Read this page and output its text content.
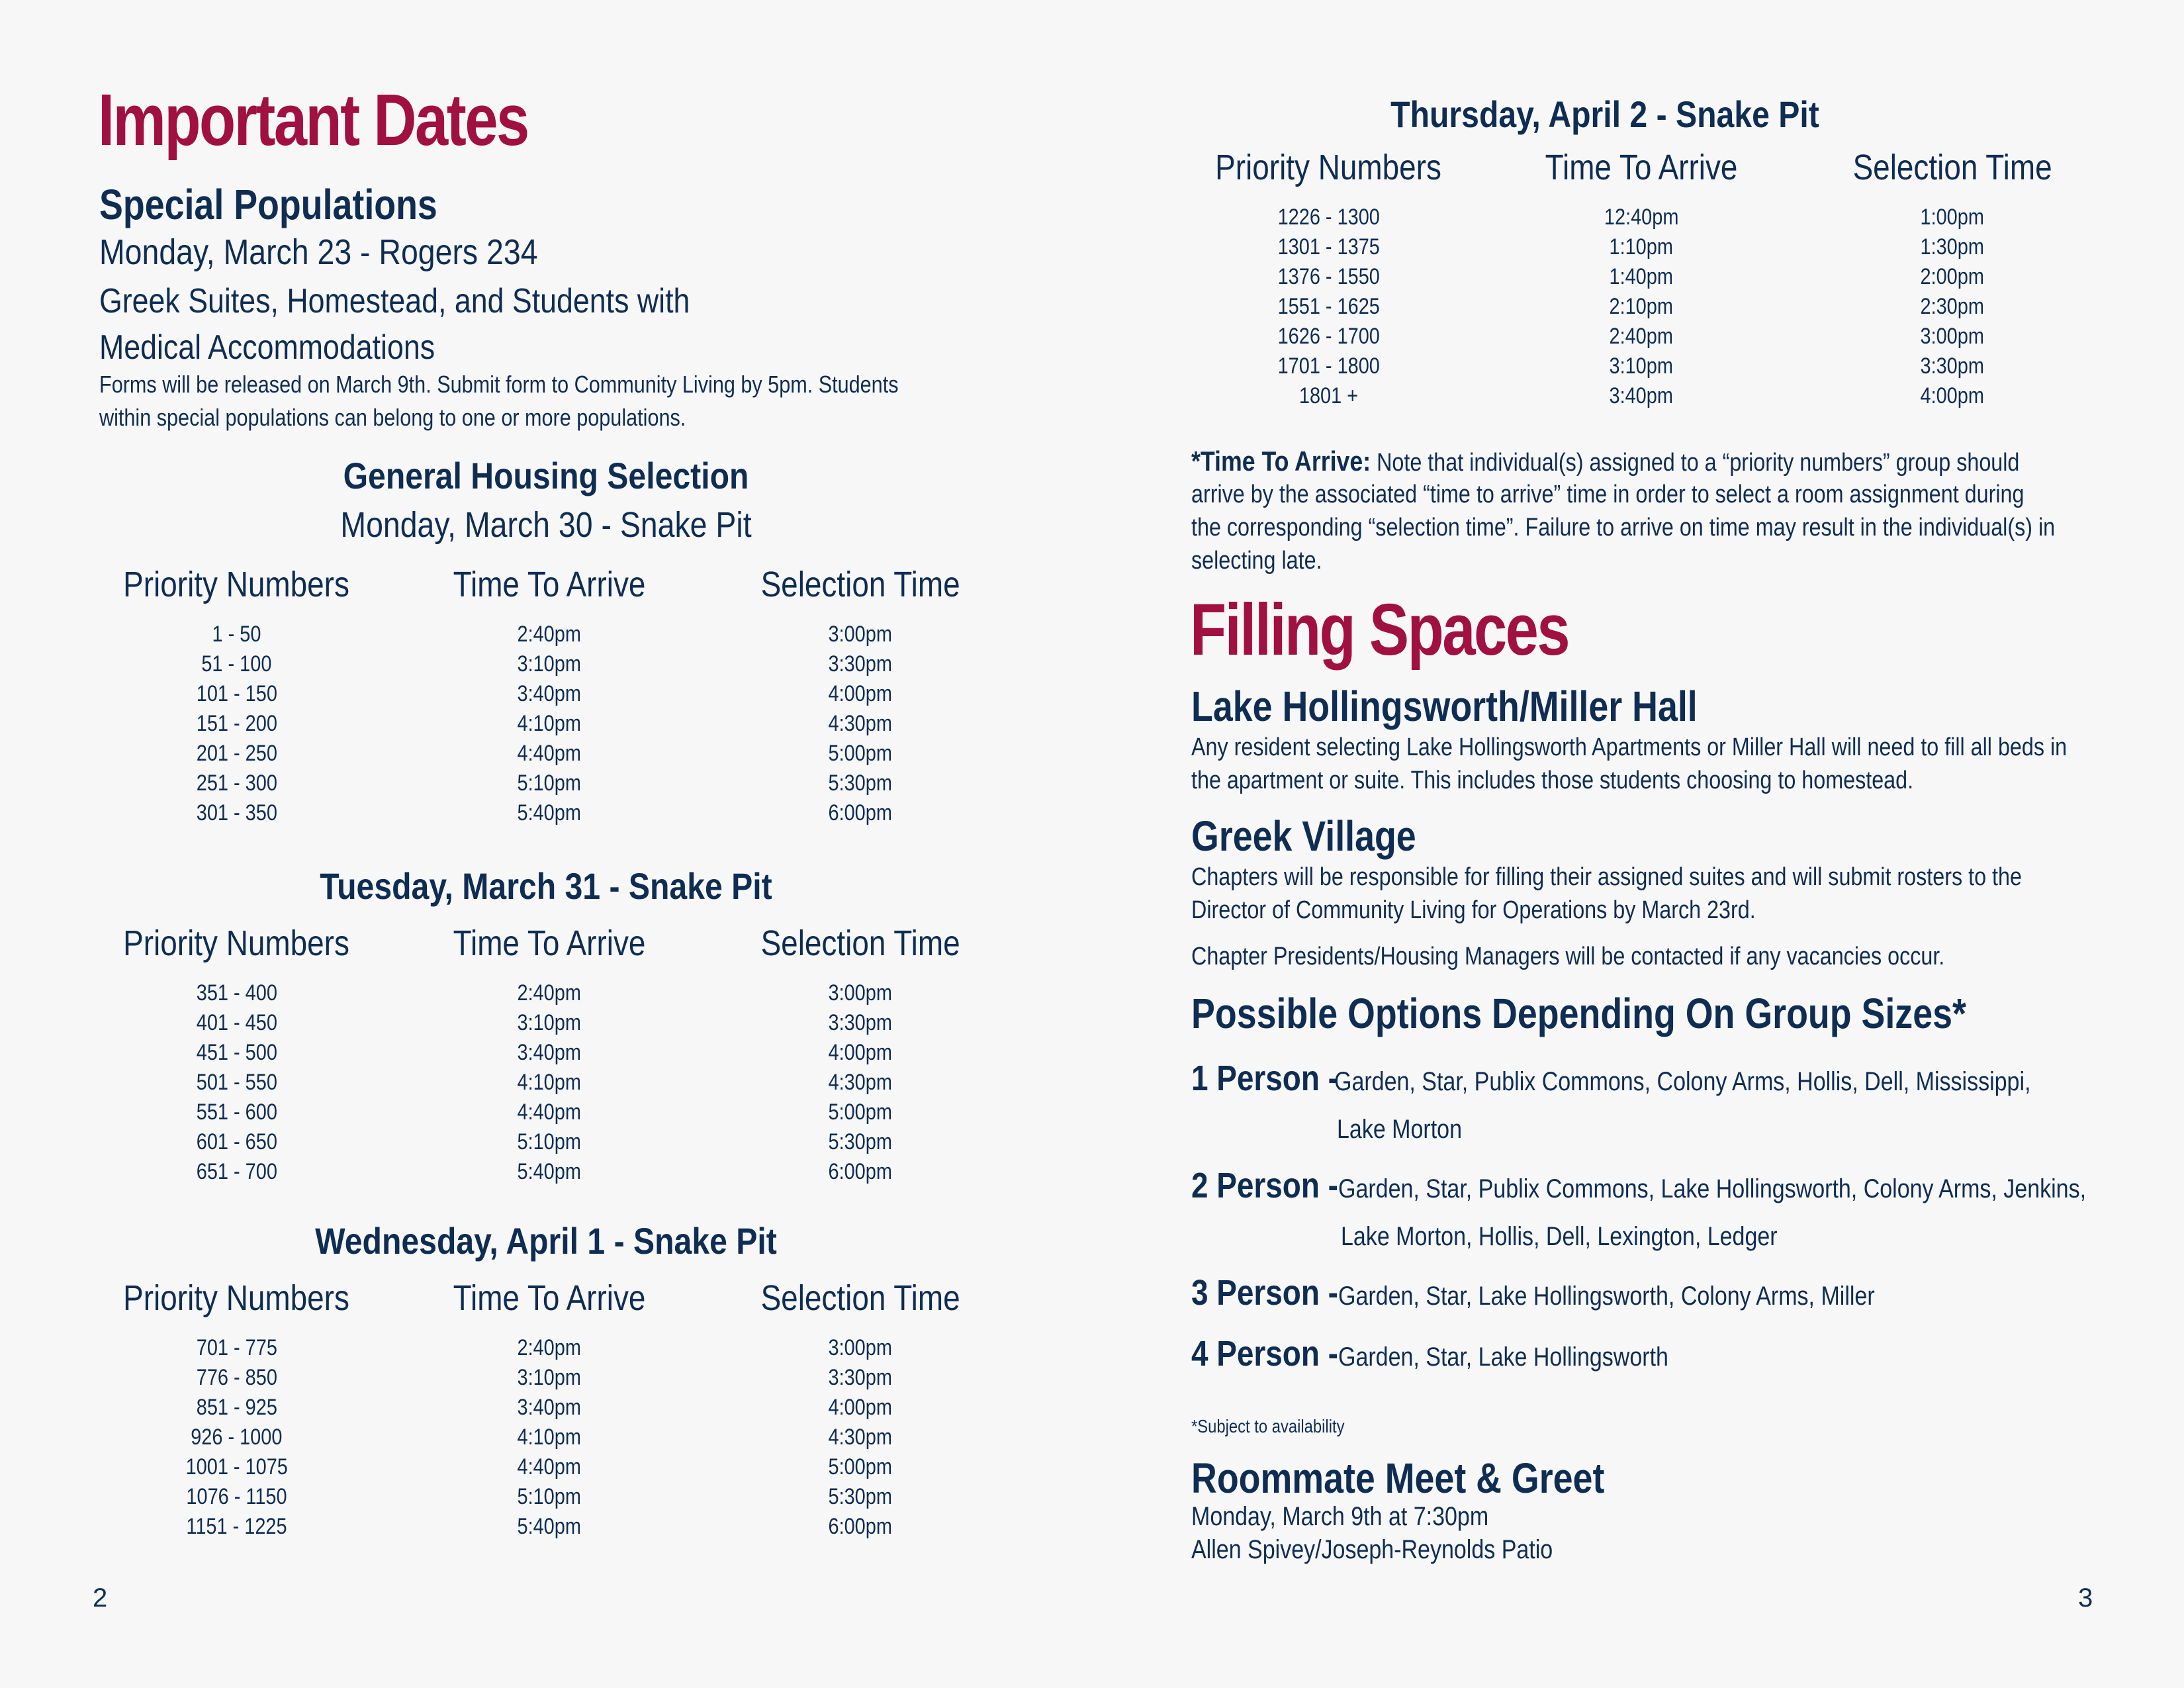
Important Dates
Special Populations
Monday, March 23 - Rogers 234
Greek Suites, Homestead, and Students with
Medical Accommodations
Forms will be released on March 9th. Submit form to Community Living by 5pm. Students
within special populations can belong to one or more populations.
General Housing Selection
Monday, March 30 - Snake Pit
Priority Numbers	Time To Arrive	Selection Time
1 - 50	2:40pm	3:00pm
51 - 100	3:10pm	3:30pm
101 - 150	3:40pm	4:00pm
151 - 200	4:10pm	4:30pm
201 - 250	4:40pm	5:00pm
251 - 300	5:10pm	5:30pm
301 - 350	5:40pm	6:00pm
Tuesday, March 31 - Snake Pit
Priority Numbers	Time To Arrive	Selection Time
351 - 400	2:40pm	3:00pm
401 - 450	3:10pm	3:30pm
451 - 500	3:40pm	4:00pm
501 - 550	4:10pm	4:30pm
551 - 600	4:40pm	5:00pm
601 - 650	5:10pm	5:30pm
651 - 700	5:40pm	6:00pm
Wednesday, April 1 - Snake Pit
Priority Numbers	Time To Arrive	Selection Time
701 - 775	2:40pm	3:00pm
776 - 850	3:10pm	3:30pm
851 - 925	3:40pm	4:00pm
926 - 1000	4:10pm	4:30pm
1001 - 1075	4:40pm	5:00pm
1076 - 1150	5:10pm	5:30pm
1151 - 1225	5:40pm	6:00pm
2
Thursday, April 2 - Snake Pit
Priority Numbers	Time To Arrive	Selection Time
1226 - 1300	12:40pm	1:00pm
1301 - 1375	1:10pm	1:30pm
1376 - 1550	1:40pm	2:00pm
1551 - 1625	2:10pm	2:30pm
1626 - 1700	2:40pm	3:00pm
1701 - 1800	3:10pm	3:30pm
1801 +	3:40pm	4:00pm
*Time To Arrive: Note that individual(s) assigned to a “priority numbers” group should
arrive by the associated “time to arrive” time in order to select a room assignment during
the corresponding “selection time”. Failure to arrive on time may result in the individual(s) in
selecting late.
Filling Spaces
Lake Hollingsworth/Miller Hall
Any resident selecting Lake Hollingsworth Apartments or Miller Hall will need to fill all beds in
the apartment or suite. This includes those students choosing to homestead.
Greek Village
Chapters will be responsible for filling their assigned suites and will submit rosters to the
Director of Community Living for Operations by March 23rd.
Chapter Presidents/Housing Managers will be contacted if any vacancies occur.
Possible Options Depending On Group Sizes*
1 Person -
Garden, Star, Publix Commons, Colony Arms, Hollis, Dell, Mississippi,
Lake Morton
2 Person - Garden, Star, Publix Commons, Lake Hollingsworth, Colony Arms, Jenkins,
Lake Morton, Hollis, Dell, Lexington, Ledger
3 Person - Garden, Star, Lake Hollingsworth, Colony Arms, Miller
4 Person - Garden, Star, Lake Hollingsworth
*Subject to availability
Roommate Meet & Greet
Monday, March 9th at 7:30pm
Allen Spivey/Joseph-Reynolds Patio
3
